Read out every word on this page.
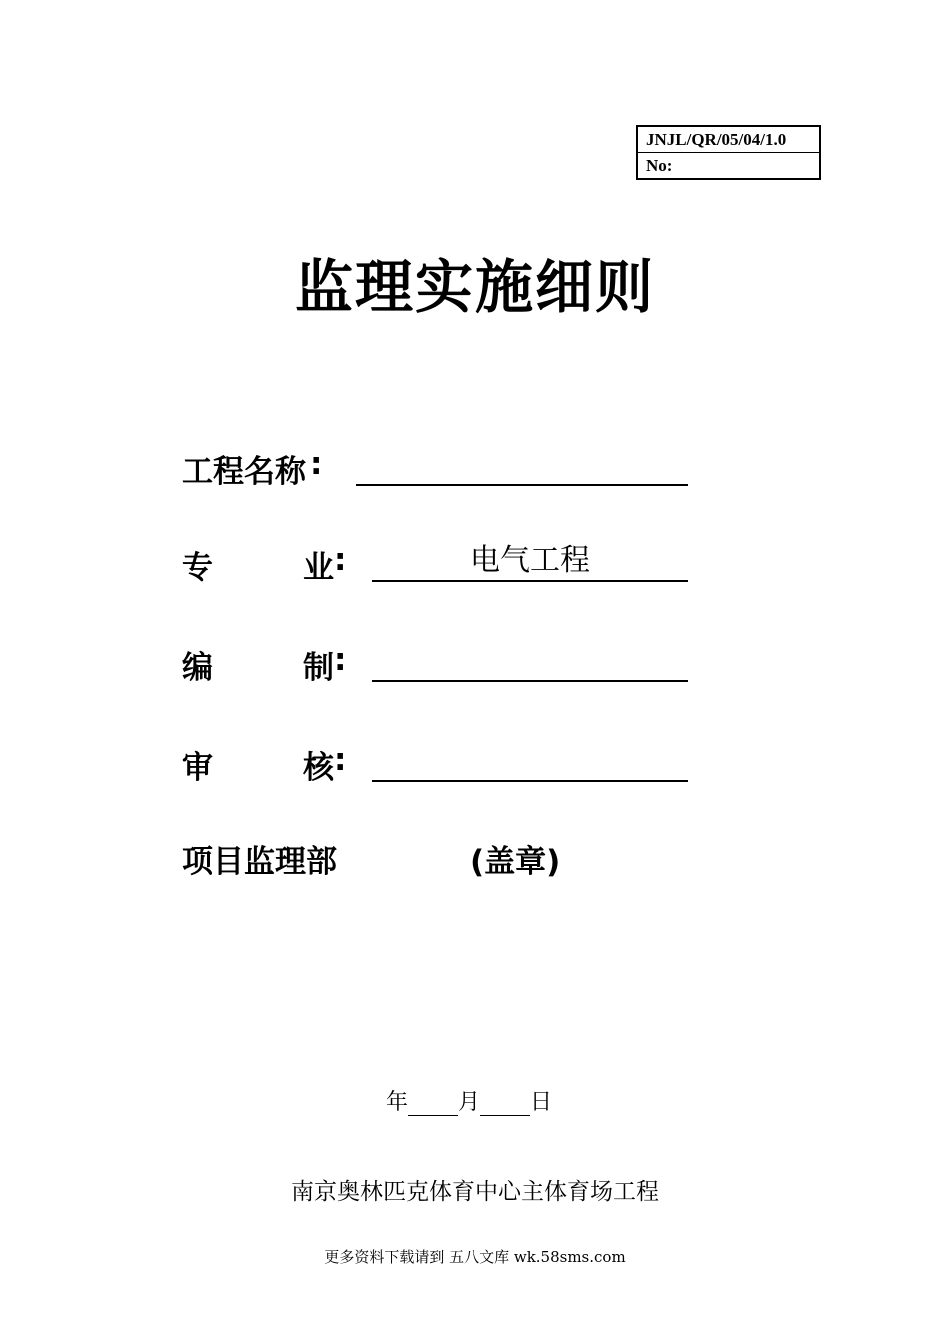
JNJL/QR/05/04/1.0
No:
监理实施细则
工程名称 :
专	业 :	电气工程
编	制 :
审	核 :
项目监理部	(盖章)
年 月 日
南京奥林匹克体育中心主体育场工程
更多资料下载请到 五八文库 wk.58sms.com
